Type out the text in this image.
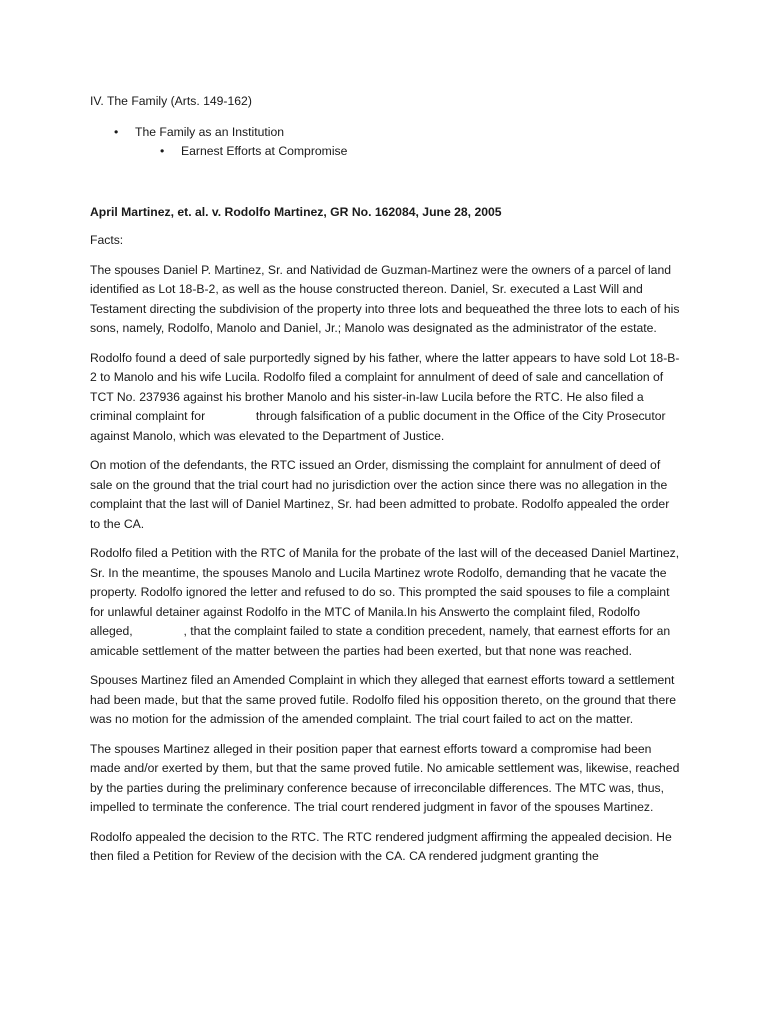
IV. The Family (Arts. 149-162)
• The Family as an Institution
• Earnest Efforts at Compromise
April Martinez, et. al. v. Rodolfo Martinez, GR No. 162084, June 28, 2005
Facts:

The spouses Daniel P. Martinez, Sr. and Natividad de Guzman-Martinez were the owners of a parcel of land identified as Lot 18-B-2, as well as the house constructed thereon. Daniel, Sr. executed a Last Will and Testament directing the subdivision of the property into three lots and bequeathed the three lots to each of his sons, namely, Rodolfo, Manolo and Daniel, Jr.; Manolo was designated as the administrator of the estate.

Rodolfo found a deed of sale purportedly signed by his father, where the latter appears to have sold Lot 18-B-2 to Manolo and his wife Lucila. Rodolfo filed a complaint for annulment of deed of sale and cancellation of TCT No. 237936 against his brother Manolo and his sister-in-law Lucila before the RTC. He also filed a criminal complaint for               through falsification of a public document in the Office of the City Prosecutor against Manolo, which was elevated to the Department of Justice.

On motion of the defendants, the RTC issued an Order, dismissing the complaint for annulment of deed of sale on the ground that the trial court had no jurisdiction over the action since there was no allegation in the complaint that the last will of Daniel Martinez, Sr. had been admitted to probate. Rodolfo appealed the order to the CA.

Rodolfo filed a Petition with the RTC of Manila for the probate of the last will of the deceased Daniel Martinez, Sr. In the meantime, the spouses Manolo and Lucila Martinez wrote Rodolfo, demanding that he vacate the property. Rodolfo ignored the letter and refused to do so. This prompted the said spouses to file a complaint for unlawful detainer against Rodolfo in the MTC of Manila.In his Answerto the complaint filed, Rodolfo alleged,               , that the complaint failed to state a condition precedent, namely, that earnest efforts for an amicable settlement of the matter between the parties had been exerted, but that none was reached.

Spouses Martinez filed an Amended Complaint in which they alleged that earnest efforts toward a settlement had been made, but that the same proved futile. Rodolfo filed his opposition thereto, on the ground that there was no motion for the admission of the amended complaint. The trial court failed to act on the matter.

The spouses Martinez alleged in their position paper that earnest efforts toward a compromise had been made and/or exerted by them, but that the same proved futile. No amicable settlement was, likewise, reached by the parties during the preliminary conference because of irreconcilable differences. The MTC was, thus, impelled to terminate the conference. The trial court rendered judgment in favor of the spouses Martinez.

Rodolfo appealed the decision to the RTC. The RTC rendered judgment affirming the appealed decision. He then filed a Petition for Review of the decision with the CA. CA rendered judgment granting the
